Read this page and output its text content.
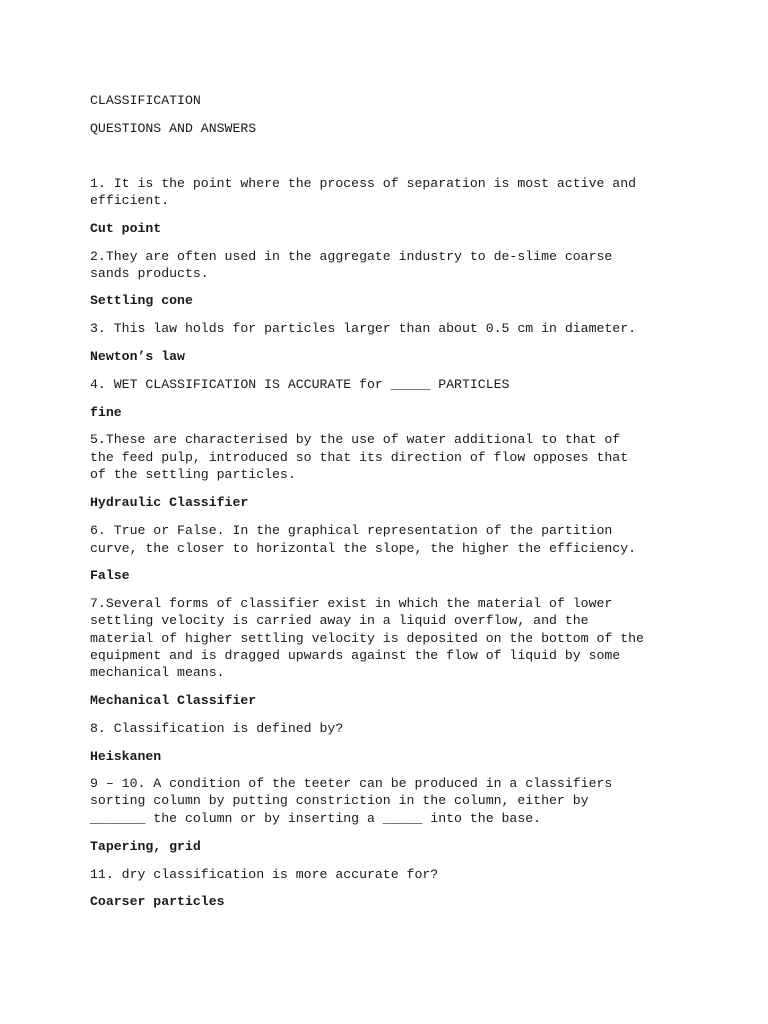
CLASSIFICATION
QUESTIONS AND ANSWERS
1. It is the point where the process of separation is most active and
efficient.
Cut point
2.They are often used in the aggregate industry to de-slime coarse
sands products.
Settling cone
3. This law holds for particles larger than about 0.5 cm in diameter.
Newton’s law
4. WET CLASSIFICATION IS ACCURATE for _____ PARTICLES
fine
5.These are characterised by the use of water additional to that of
the feed pulp, introduced so that its direction of flow opposes that
of the settling particles.
Hydraulic Classifier
6. True or False. In the graphical representation of the partition
curve, the closer to horizontal the slope, the higher the efficiency.
False
7.Several forms of classifier exist in which the material of lower
settling velocity is carried away in a liquid overflow, and the
material of higher settling velocity is deposited on the bottom of the
equipment and is dragged upwards against the flow of liquid by some
mechanical means.
Mechanical Classifier
8. Classification is defined by?
Heiskanen
9 – 10. A condition of the teeter can be produced in a classifiers
sorting column by putting constriction in the column, either by
_______ the column or by inserting a _____ into the base.
Tapering, grid
11. dry classification is more accurate for?
Coarser particles
